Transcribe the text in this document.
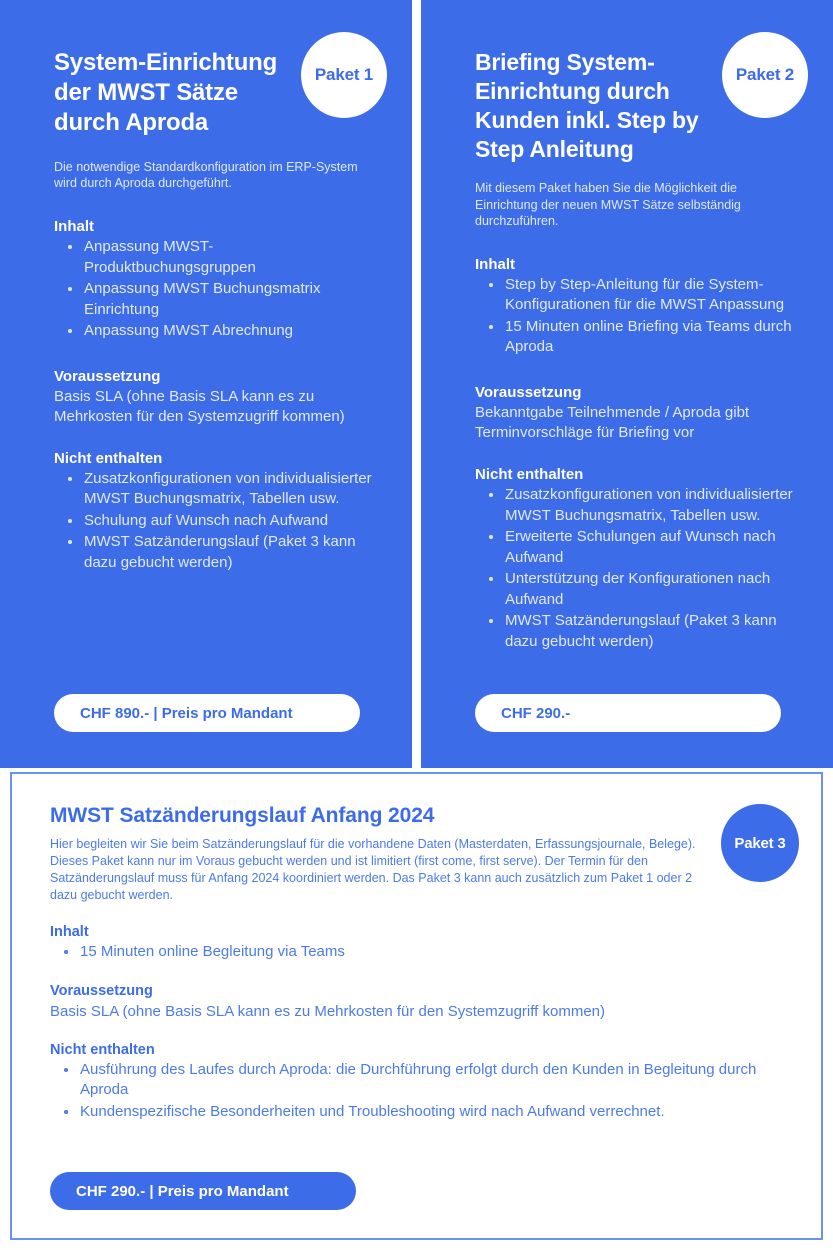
System-Einrichtung der MWST Sätze durch Aproda

Die notwendige Standardkonfiguration im ERP-System wird durch Aproda durchgeführt.

Inhalt
Anpassung MWST-Produktbuchungsgruppen
Anpassung MWST Buchungsmatrix Einrichtung
Anpassung MWST Abrechnung
Voraussetzung
Basis SLA (ohne Basis SLA kann es zu Mehrkosten für den Systemzugriff kommen)
Nicht enthalten
Zusatzkonfigurationen von individualisierter MWST Buchungsmatrix, Tabellen usw.
Schulung auf Wunsch nach Aufwand
MWST Satzänderungslauf (Paket 3 kann dazu gebucht werden)
Paket 1
CHF 890.- | Preis pro Mandant
Briefing System-Einrichtung durch Kunden inkl. Step by Step Anleitung

Mit diesem Paket haben Sie die Möglichkeit die Einrichtung der neuen MWST Sätze selbständig durchzuführen.

Inhalt
Step by Step-Anleitung für die System-Konfigurationen für die MWST Anpassung
15 Minuten online Briefing via Teams durch Aproda
Voraussetzung
Bekanntgabe Teilnehmende / Aproda gibt Terminvorschläge für Briefing vor
Nicht enthalten
Zusatzkonfigurationen von individualisierter MWST Buchungsmatrix, Tabellen usw.
Erweiterte Schulungen auf Wunsch nach Aufwand
Unterstützung der Konfigurationen nach Aufwand
MWST Satzänderungslauf (Paket 3 kann dazu gebucht werden)
Paket 2
CHF 290.-
MWST Satzänderungslauf Anfang 2024

Hier begleiten wir Sie beim Satzänderungslauf für die vorhandene Daten (Masterdaten, Erfassungsjournale, Belege). Dieses Paket kann nur im Voraus gebucht werden und ist limitiert (first come, first serve). Der Termin für den Satzänderungslauf muss für Anfang 2024 koordiniert werden. Das Paket 3 kann auch zusätzlich zum Paket 1 oder 2 dazu gebucht werden.

Inhalt
15 Minuten online Begleitung via Teams
Voraussetzung
Basis SLA (ohne Basis SLA kann es zu Mehrkosten für den Systemzugriff kommen)
Nicht enthalten
Ausführung des Laufes durch Aproda: die Durchführung erfolgt durch den Kunden in Begleitung durch Aproda
Kundenspezifische Besonderheiten und Troubleshooting wird nach Aufwand verrechnet.
Paket 3
CHF 290.- | Preis pro Mandant
